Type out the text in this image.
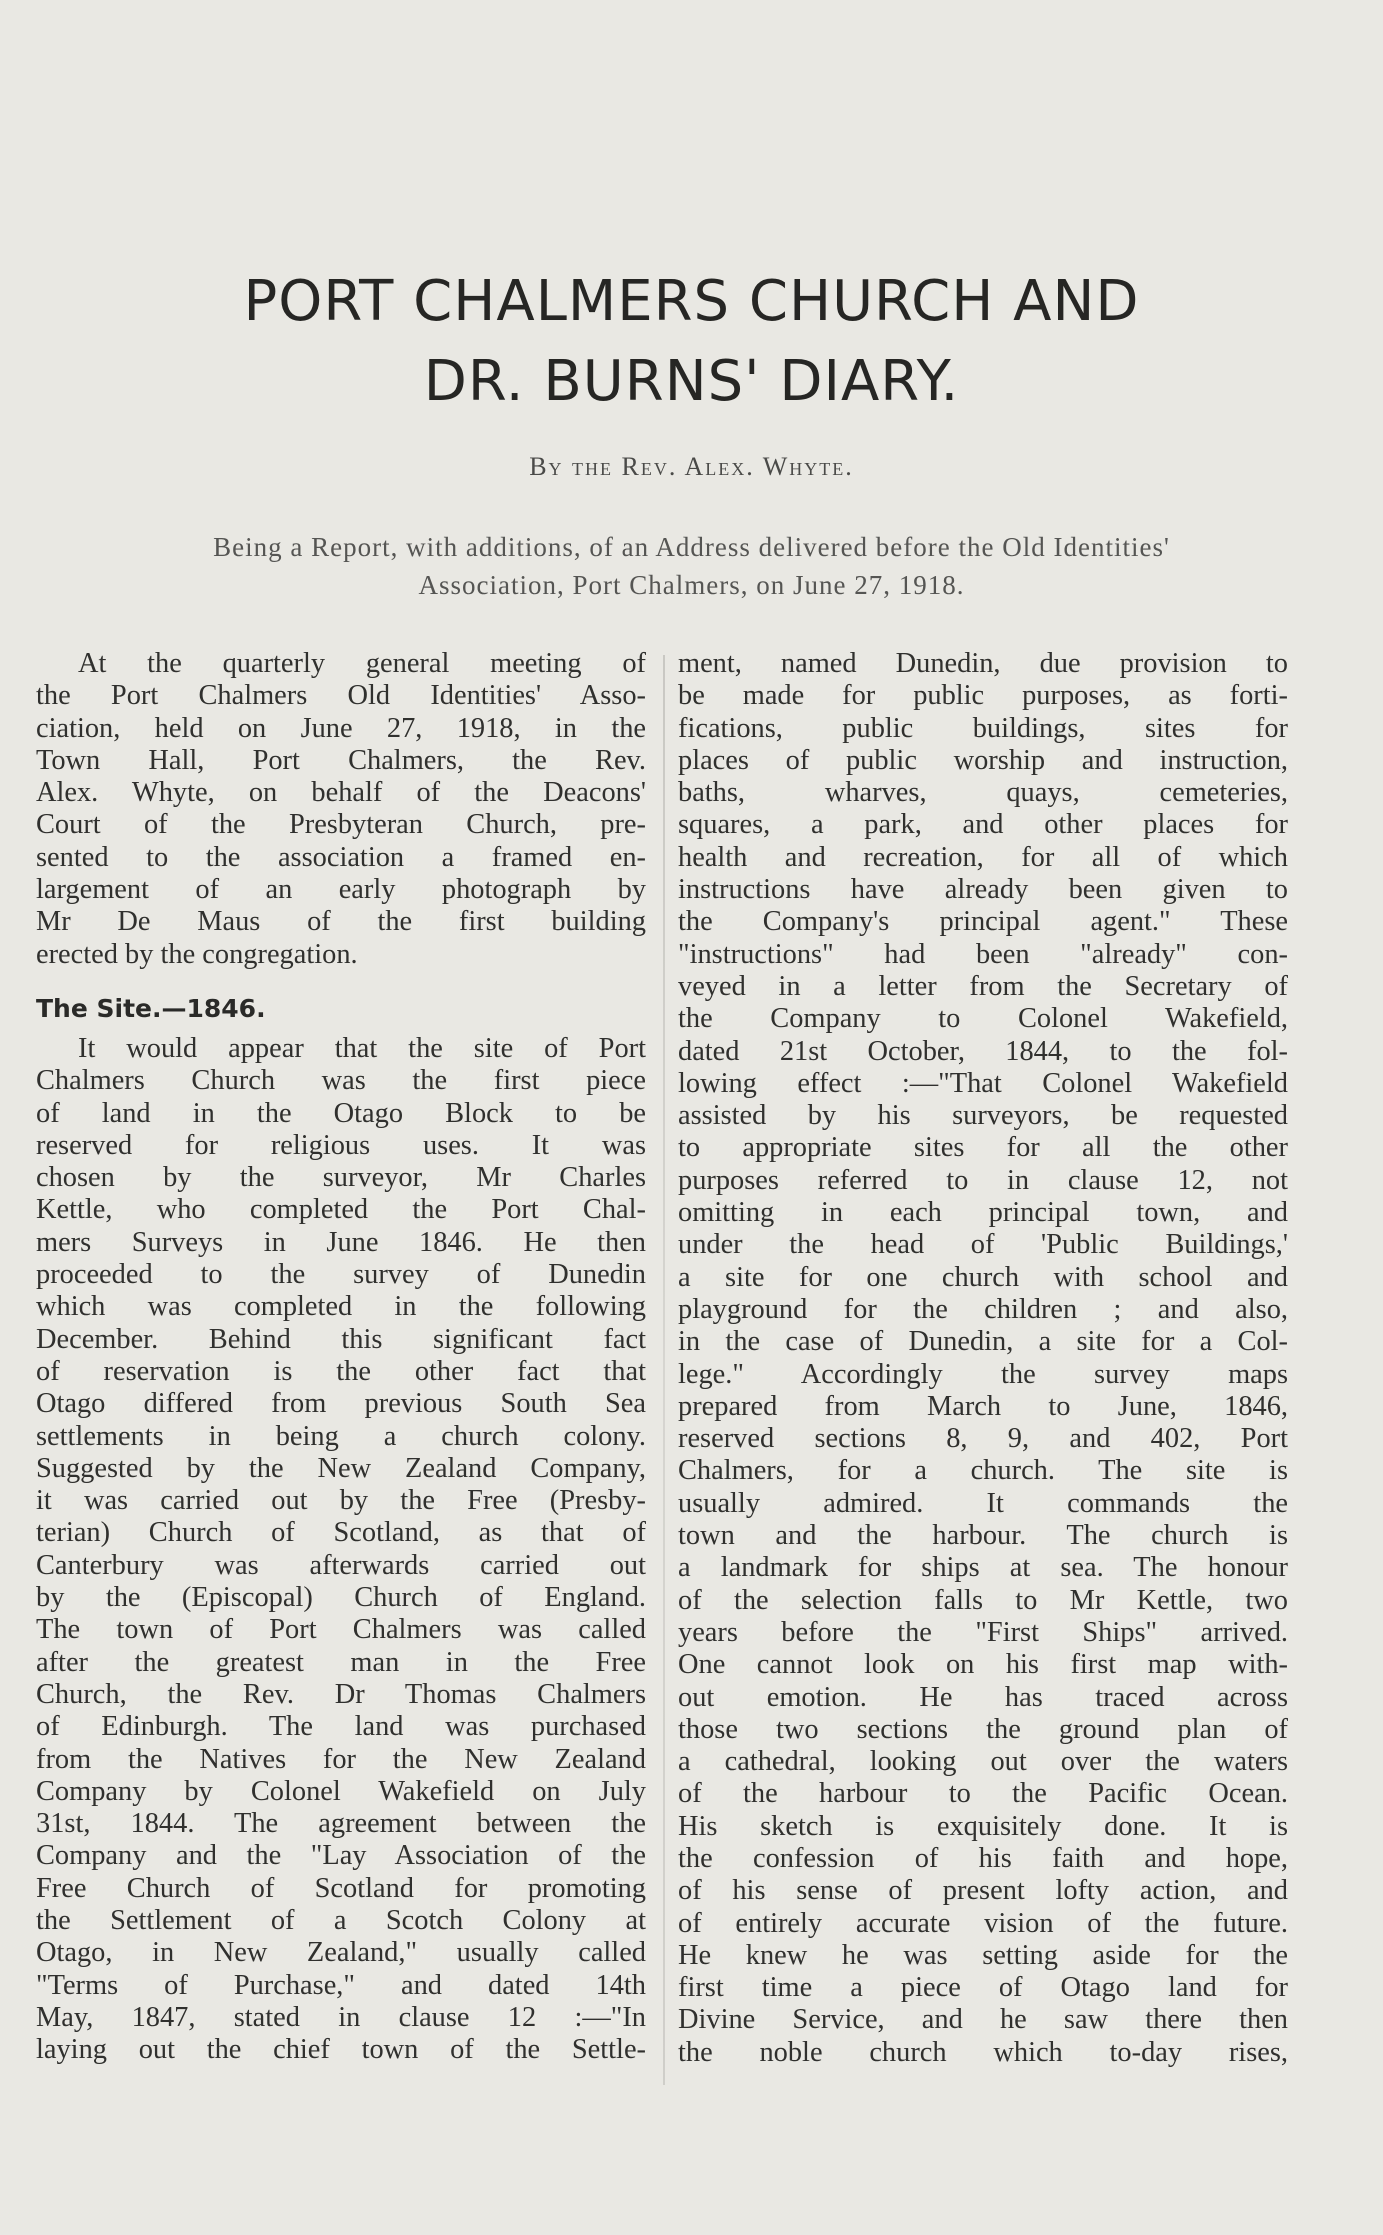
PORT CHALMERS CHURCH AND
DR. BURNS' DIARY.
By the Rev. Alex. Whyte.
Being a Report, with additions, of an Address delivered before the Old Identities'
Association, Port Chalmers, on June 27, 1918.

At the quarterly general meeting of

the Port Chalmers Old Identities' Asso-

ciation, held on June 27, 1918, in the

Town Hall, Port Chalmers, the Rev.

Alex. Whyte, on behalf of the Deacons'

Court of the Presbyteran Church, pre-

sented to the association a framed en-

largement of an early photograph by

Mr De Maus of the first building

erected by the congregation.

The Site.—1846.

It would appear that the site of Port

Chalmers Church was the first piece

of land in the Otago Block to be

reserved for religious uses. It was

chosen by the surveyor, Mr Charles

Kettle, who completed the Port Chal-

mers Surveys in June 1846. He then

proceeded to the survey of Dunedin

which was completed in the following

December. Behind this significant fact

of reservation is the other fact that

Otago differed from previous South Sea

settlements in being a church colony.

Suggested by the New Zealand Company,

it was carried out by the Free (Presby-

terian) Church of Scotland, as that of

Canterbury was afterwards carried out

by the (Episcopal) Church of England.

The town of Port Chalmers was called

after the greatest man in the Free

Church, the Rev. Dr Thomas Chalmers

of Edinburgh. The land was purchased

from the Natives for the New Zealand

Company by Colonel Wakefield on July

31st, 1844. The agreement between the

Company and the "Lay Association of the

Free Church of Scotland for promoting

the Settlement of a Scotch Colony at

Otago, in New Zealand," usually called

"Terms of Purchase," and dated 14th

May, 1847, stated in clause 12 :—"In

laying out the chief town of the Settle-

ment, named Dunedin, due provision to

be made for public purposes, as forti-

fications, public buildings, sites for

places of public worship and instruction,

baths, wharves, quays, cemeteries,

squares, a park, and other places for

health and recreation, for all of which

instructions have already been given to

the Company's principal agent." These

"instructions" had been "already" con-

veyed in a letter from the Secretary of

the Company to Colonel Wakefield,

dated 21st October, 1844, to the fol-

lowing effect :—"That Colonel Wakefield

assisted by his surveyors, be requested

to appropriate sites for all the other

purposes referred to in clause 12, not

omitting in each principal town, and

under the head of 'Public Buildings,'

a site for one church with school and

playground for the children ; and also,

in the case of Dunedin, a site for a Col-

lege." Accordingly the survey maps

prepared from March to June, 1846,

reserved sections 8, 9, and 402, Port

Chalmers, for a church. The site is

usually admired. It commands the

town and the harbour. The church is

a landmark for ships at sea. The honour

of the selection falls to Mr Kettle, two

years before the "First Ships" arrived.

One cannot look on his first map with-

out emotion. He has traced across

those two sections the ground plan of

a cathedral, looking out over the waters

of the harbour to the Pacific Ocean.

His sketch is exquisitely done. It is

the confession of his faith and hope,

of his sense of present lofty action, and

of entirely accurate vision of the future.

He knew he was setting aside for the

first time a piece of Otago land for

Divine Service, and he saw there then

the noble church which to-day rises,
